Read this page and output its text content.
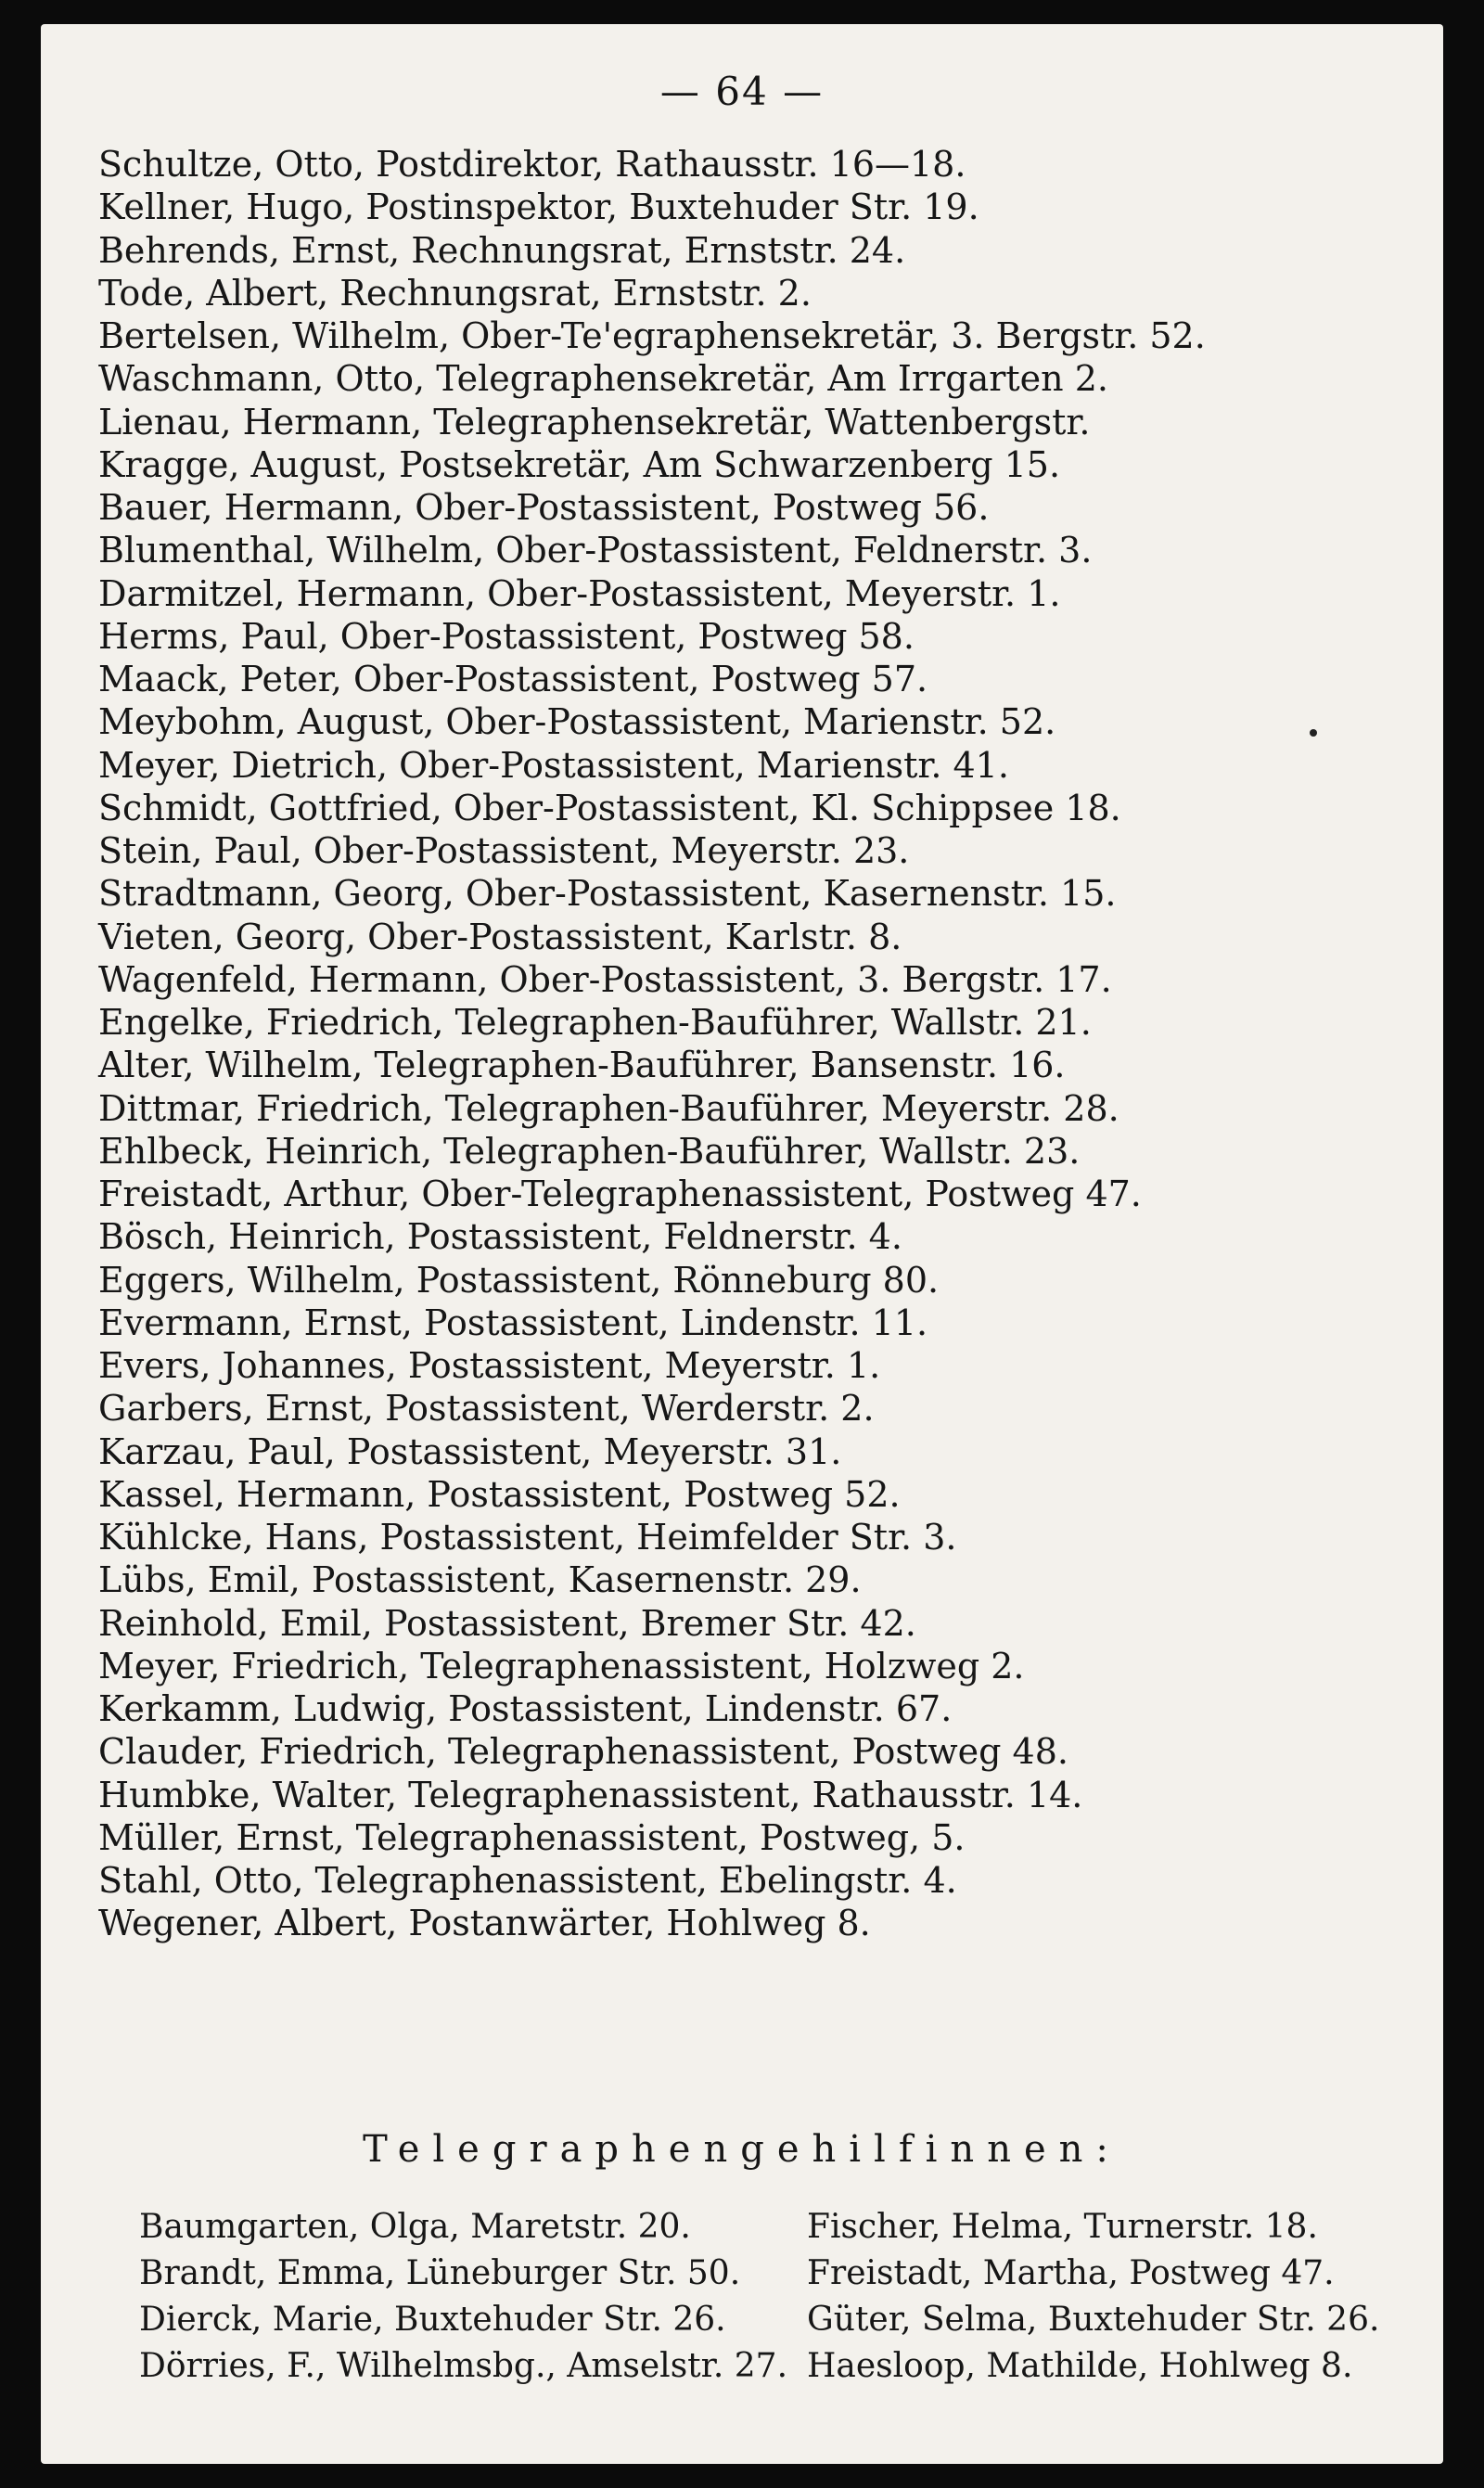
— 64 —
Schultze, Otto, Postdirektor, Rathausstr. 16—18.
Kellner, Hugo, Postinspektor, Buxtehuder Str. 19.
Behrends, Ernst, Rechnungsrat, Ernststr. 24.
Tode, Albert, Rechnungsrat, Ernststr. 2.
Bertelsen, Wilhelm, Ober-Te'egraphensekretär, 3. Bergstr. 52.
Waschmann, Otto, Telegraphensekretär, Am Irrgarten 2.
Lienau, Hermann, Telegraphensekretär, Wattenbergstr.
Kragge, August, Postsekretär, Am Schwarzenberg 15.
Bauer, Hermann, Ober-Postassistent, Postweg 56.
Blumenthal, Wilhelm, Ober-Postassistent, Feldnerstr. 3.
Darmitzel, Hermann, Ober-Postassistent, Meyerstr. 1.
Herms, Paul, Ober-Postassistent, Postweg 58.
Maack, Peter, Ober-Postassistent, Postweg 57.
Meybohm, August, Ober-Postassistent, Marienstr. 52.
Meyer, Dietrich, Ober-Postassistent, Marienstr. 41.
Schmidt, Gottfried, Ober-Postassistent, Kl. Schippsee 18.
Stein, Paul, Ober-Postassistent, Meyerstr. 23.
Stradtmann, Georg, Ober-Postassistent, Kasernenstr. 15.
Vieten, Georg, Ober-Postassistent, Karlstr. 8.
Wagenfeld, Hermann, Ober-Postassistent, 3. Bergstr. 17.
Engelke, Friedrich, Telegraphen-Bauführer, Wallstr. 21.
Alter, Wilhelm, Telegraphen-Bauführer, Bansenstr. 16.
Dittmar, Friedrich, Telegraphen-Bauführer, Meyerstr. 28.
Ehlbeck, Heinrich, Telegraphen-Bauführer, Wallstr. 23.
Freistadt, Arthur, Ober-Telegraphenassistent, Postweg 47.
Bösch, Heinrich, Postassistent, Feldnerstr. 4.
Eggers, Wilhelm, Postassistent, Rönneburg 80.
Evermann, Ernst, Postassistent, Lindenstr. 11.
Evers, Johannes, Postassistent, Meyerstr. 1.
Garbers, Ernst, Postassistent, Werderstr. 2.
Karzau, Paul, Postassistent, Meyerstr. 31.
Kassel, Hermann, Postassistent, Postweg 52.
Kühlcke, Hans, Postassistent, Heimfelder Str. 3.
Lübs, Emil, Postassistent, Kasernenstr. 29.
Reinhold, Emil, Postassistent, Bremer Str. 42.
Meyer, Friedrich, Telegraphenassistent, Holzweg 2.
Kerkamm, Ludwig, Postassistent, Lindenstr. 67.
Clauder, Friedrich, Telegraphenassistent, Postweg 48.
Humbke, Walter, Telegraphenassistent, Rathausstr. 14.
Müller, Ernst, Telegraphenassistent, Postweg, 5.
Stahl, Otto, Telegraphenassistent, Ebelingstr. 4.
Wegener, Albert, Postanwärter, Hohlweg 8.
Telegraphengehilfinnen:
Baumgarten, Olga, Maretstr. 20.	Fischer, Helma, Turnerstr. 18.
Brandt, Emma, Lüneburger Str. 50.	Freistadt, Martha, Postweg 47.
Dierck, Marie, Buxtehuder Str. 26.	Güter, Selma, Buxtehuder Str. 26.
Dörries, F., Wilhelmsbg., Amselstr. 27. Haesloop, Mathilde, Hohlweg 8.
